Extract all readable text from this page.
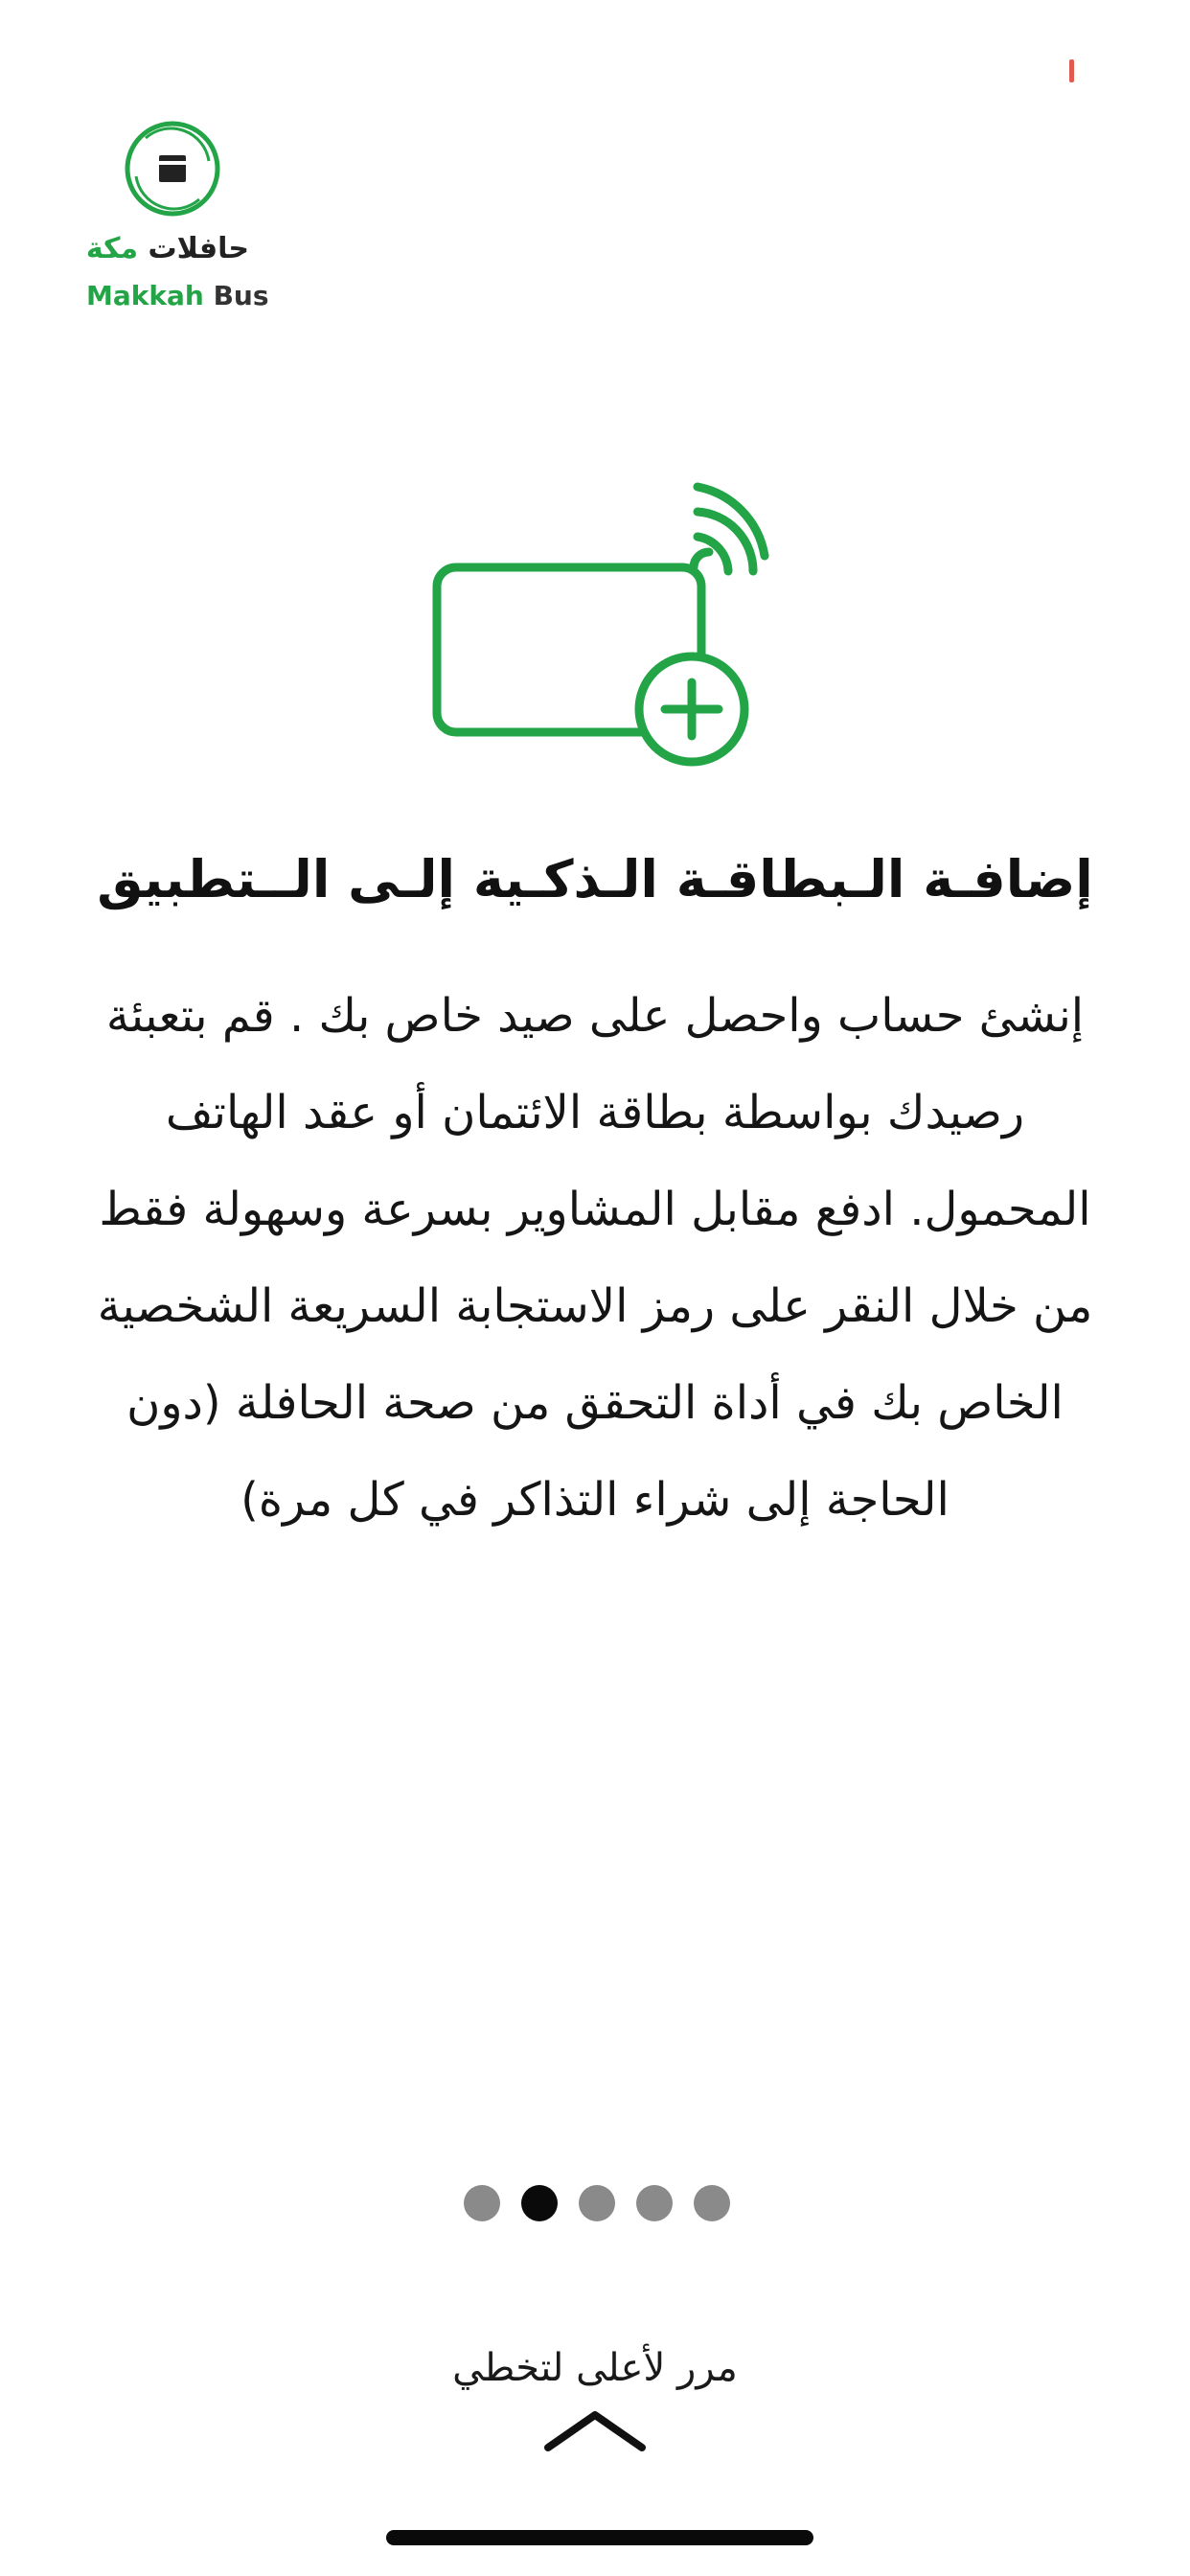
حافلات مكة
Makkah Bus
إضافـة الـبطاقـة الـذكـية إلـى الــتطبيق
إنشئ حساب واحصل على صيد خاص بك . قم بتعبئة رصيدك بواسطة بطاقة الائتمان أو عقد الهاتف المحمول. ادفع مقابل المشاوير بسرعة وسهولة فقط من خلال النقر على رمز الاستجابة السريعة الشخصية الخاص بك في أداة التحقق من صحة الحافلة (دون الحاجة إلى شراء التذاكر في كل مرة)
مرر لأعلى لتخطي
